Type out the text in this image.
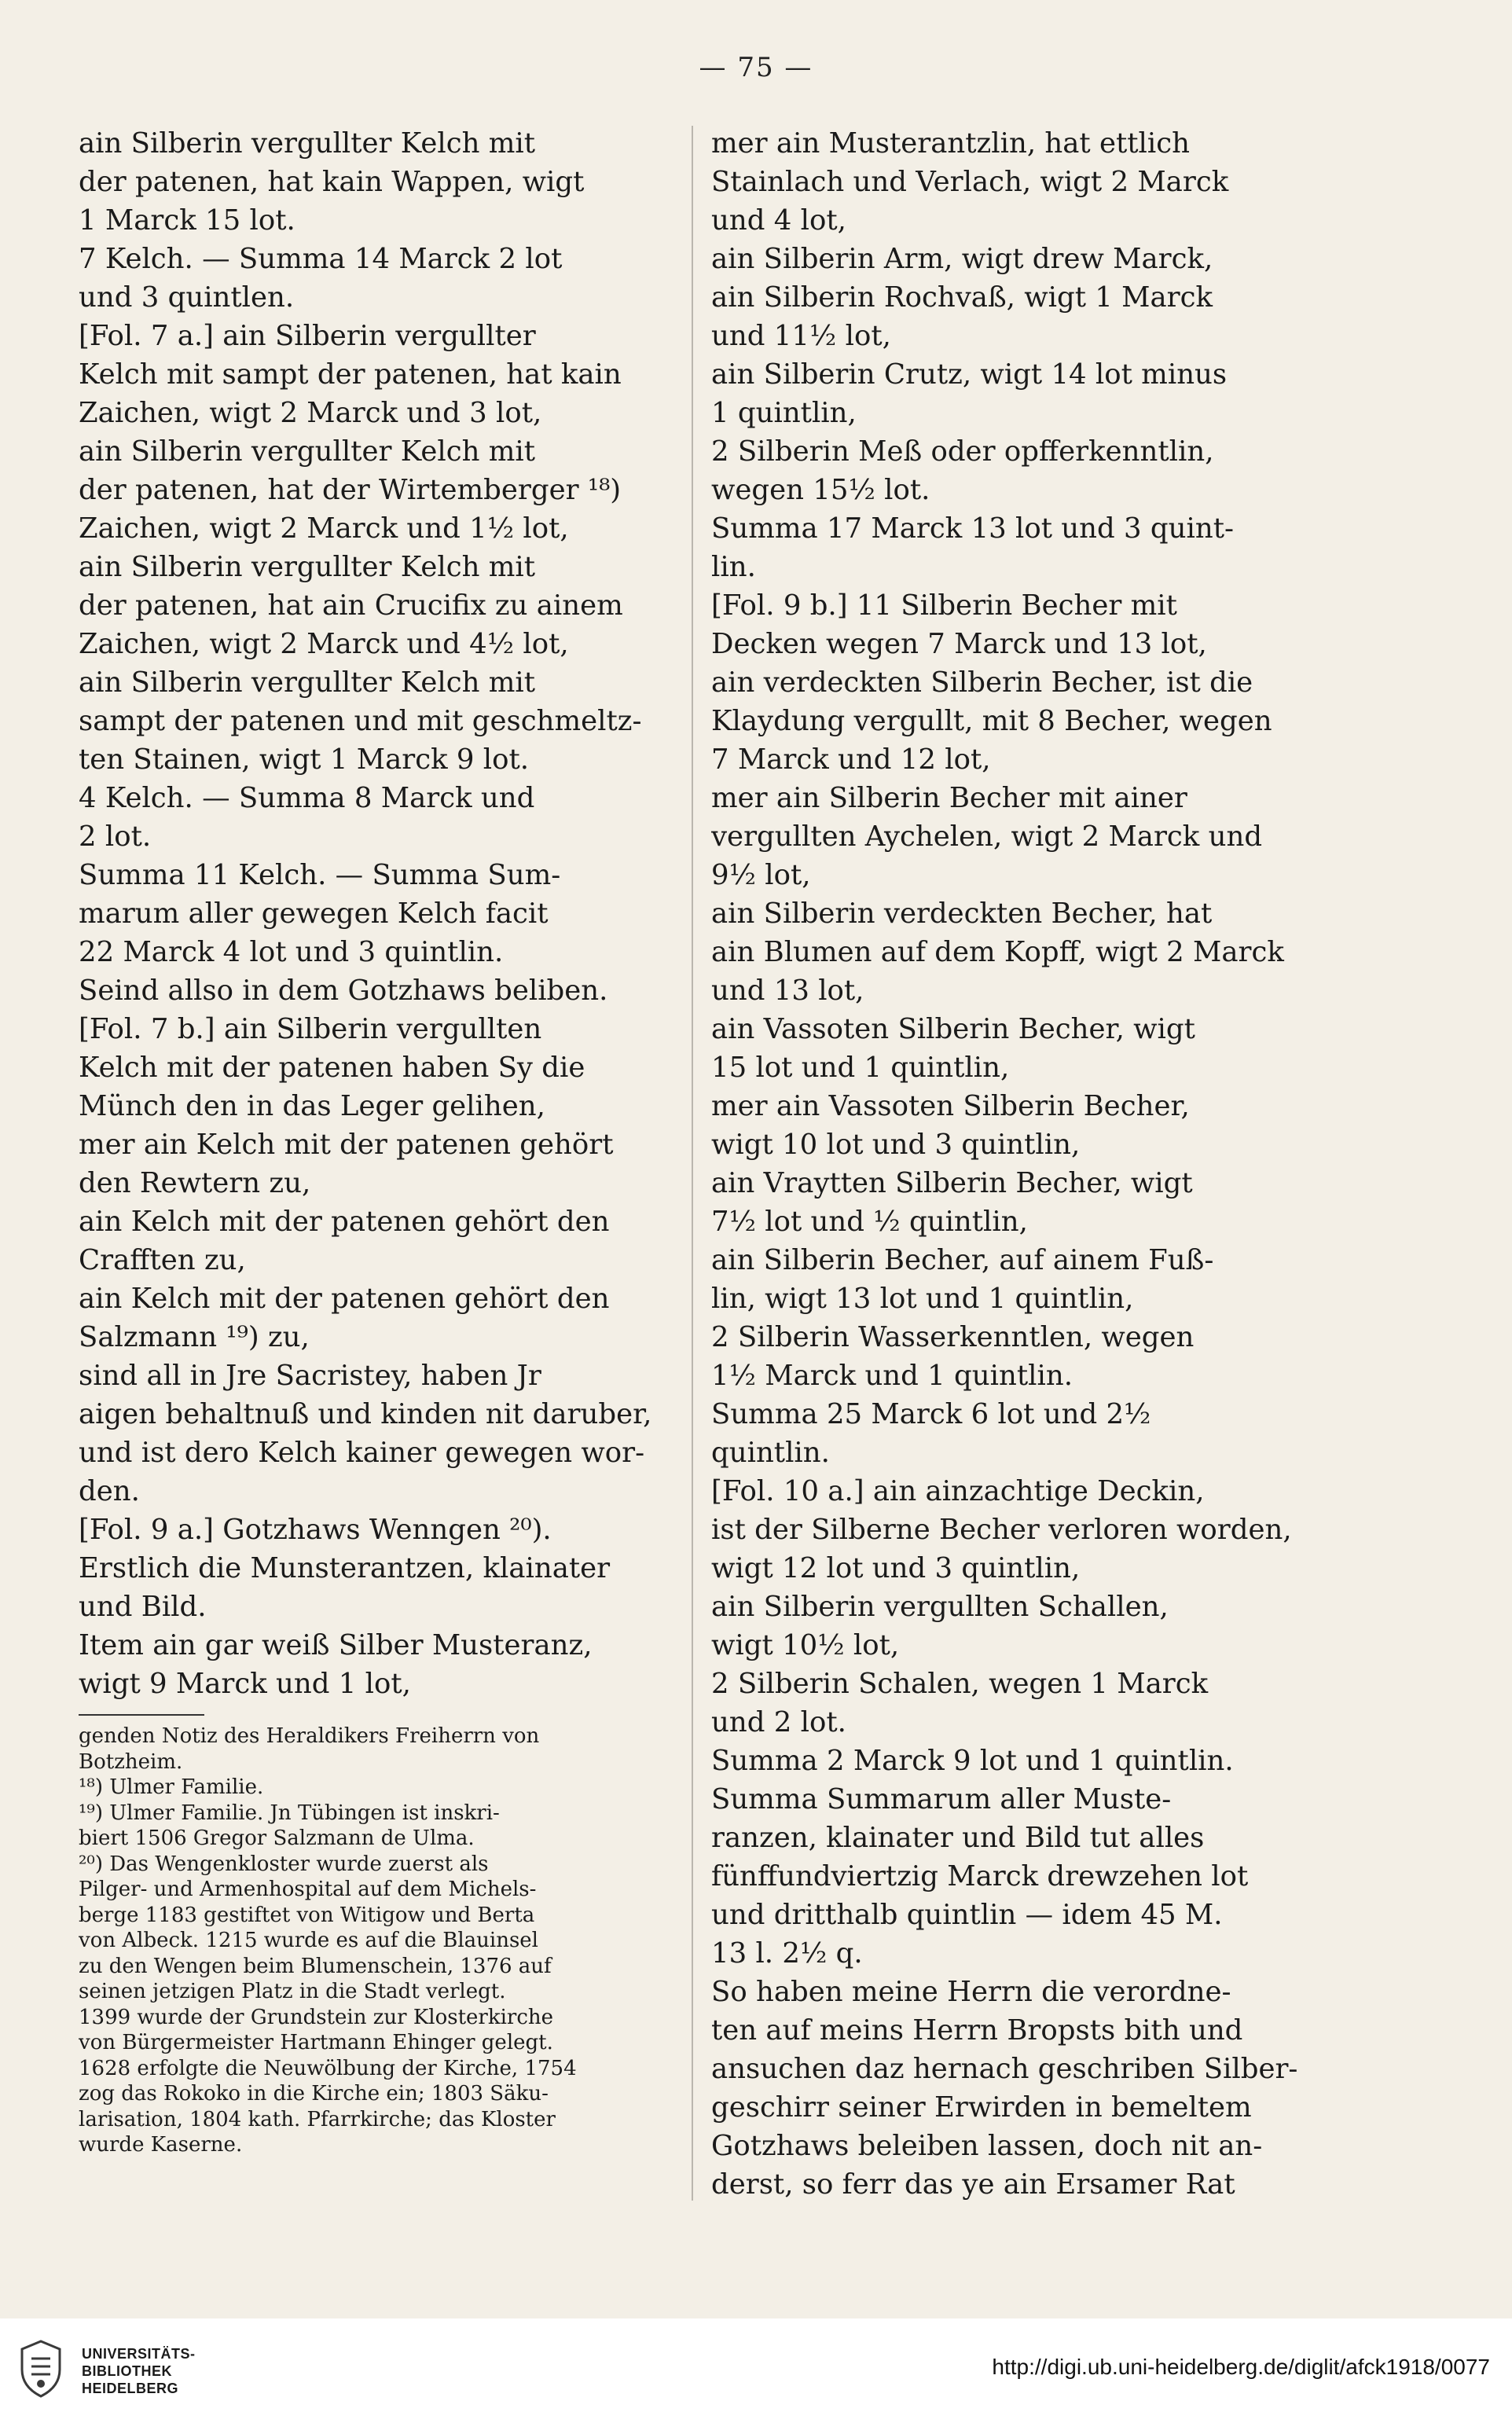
— 75 —
ain Silberin vergullter Kelch mit
der patenen, hat kain Wappen, wigt
1 Marck 15 lot.
7 Kelch. — Summa 14 Marck 2 lot
und 3 quintlen.
[Fol. 7 a.] ain Silberin vergullter
Kelch mit sampt der patenen, hat kain
Zaichen, wigt 2 Marck und 3 lot,
ain Silberin vergullter Kelch mit
der patenen, hat der Wirtemberger ¹⁸)
Zaichen, wigt 2 Marck und 1½ lot,
ain Silberin vergullter Kelch mit
der patenen, hat ain Crucifix zu ainem
Zaichen, wigt 2 Marck und 4½ lot,
ain Silberin vergullter Kelch mit
sampt der patenen und mit geschmeltz-
ten Stainen, wigt 1 Marck 9 lot.
4 Kelch. — Summa 8 Marck und
2 lot.
Summa 11 Kelch. — Summa Sum-
marum aller gewegen Kelch facit
22 Marck 4 lot und 3 quintlin.
Seind allso in dem Gotzhaws beliben.
[Fol. 7 b.] ain Silberin vergullten
Kelch mit der patenen haben Sy die
Münch den in das Leger gelihen,
mer ain Kelch mit der patenen gehört
den Rewtern zu,
ain Kelch mit der patenen gehört den
Crafften zu,
ain Kelch mit der patenen gehört den
Salzmann ¹⁹) zu,
sind all in Jre Sacristey, haben Jr
aigen behaltnuß und kinden nit daruber,
und ist dero Kelch kainer gewegen wor-
den.
[Fol. 9 a.] Gotzhaws Wenngen ²⁰).
Erstlich die Munsterantzen, klainater
und Bild.
Item ain gar weiß Silber Musteranz,
wigt 9 Marck und 1 lot,
genden Notiz des Heraldikers Freiherrn von
Botzheim.
¹⁸) Ulmer Familie.
¹⁹) Ulmer Familie. Jn Tübingen ist inskri-
biert 1506 Gregor Salzmann de Ulma.
²⁰) Das Wengenkloster wurde zuerst als
Pilger- und Armenhospital auf dem Michels-
berge 1183 gestiftet von Witigow und Berta
von Albeck. 1215 wurde es auf die Blauinsel
zu den Wengen beim Blumenschein, 1376 auf
seinen jetzigen Platz in die Stadt verlegt.
1399 wurde der Grundstein zur Klosterkirche
von Bürgermeister Hartmann Ehinger gelegt.
1628 erfolgte die Neuwölbung der Kirche, 1754
zog das Rokoko in die Kirche ein; 1803 Säku-
larisation, 1804 kath. Pfarrkirche; das Kloster
wurde Kaserne.
mer ain Musterantzlin, hat ettlich
Stainlach und Verlach, wigt 2 Marck
und 4 lot,
ain Silberin Arm, wigt drew Marck,
ain Silberin Rochvaß, wigt 1 Marck
und 11½ lot,
ain Silberin Crutz, wigt 14 lot minus
1 quintlin,
2 Silberin Meß oder opfferkenntlin,
wegen 15½ lot.
Summa 17 Marck 13 lot und 3 quint-
lin.
[Fol. 9 b.] 11 Silberin Becher mit
Decken wegen 7 Marck und 13 lot,
ain verdeckten Silberin Becher, ist die
Klaydung vergullt, mit 8 Becher, wegen
7 Marck und 12 lot,
mer ain Silberin Becher mit ainer
vergullten Aychelen, wigt 2 Marck und
9½ lot,
ain Silberin verdeckten Becher, hat
ain Blumen auf dem Kopff, wigt 2 Marck
und 13 lot,
ain Vassoten Silberin Becher, wigt
15 lot und 1 quintlin,
mer ain Vassoten Silberin Becher,
wigt 10 lot und 3 quintlin,
ain Vraytten Silberin Becher, wigt
7½ lot und ½ quintlin,
ain Silberin Becher, auf ainem Fuß-
lin, wigt 13 lot und 1 quintlin,
2 Silberin Wasserkenntlen, wegen
1½ Marck und 1 quintlin.
Summa 25 Marck 6 lot und 2½
quintlin.
[Fol. 10 a.] ain ainzachtige Deckin,
ist der Silberne Becher verloren worden,
wigt 12 lot und 3 quintlin,
ain Silberin vergullten Schallen,
wigt 10½ lot,
2 Silberin Schalen, wegen 1 Marck
und 2 lot.
Summa 2 Marck 9 lot und 1 quintlin.
Summa Summarum aller Muste-
ranzen, klainater und Bild tut alles
fünffundviertzig Marck drewzehen lot
und dritthalb quintlin — idem 45 M.
13 l. 2½ q.
So haben meine Herrn die verordne-
ten auf meins Herrn Bropsts bith und
ansuchen daz hernach geschriben Silber-
geschirr seiner Erwirden in bemeltem
Gotzhaws beleiben lassen, doch nit an-
derst, so ferr das ye ain Ersamer Rat
UNIVERSITÄTS-
BIBLIOTHEK
HEIDELBERG
http://digi.ub.uni-heidelberg.de/diglit/afck1918/0077
